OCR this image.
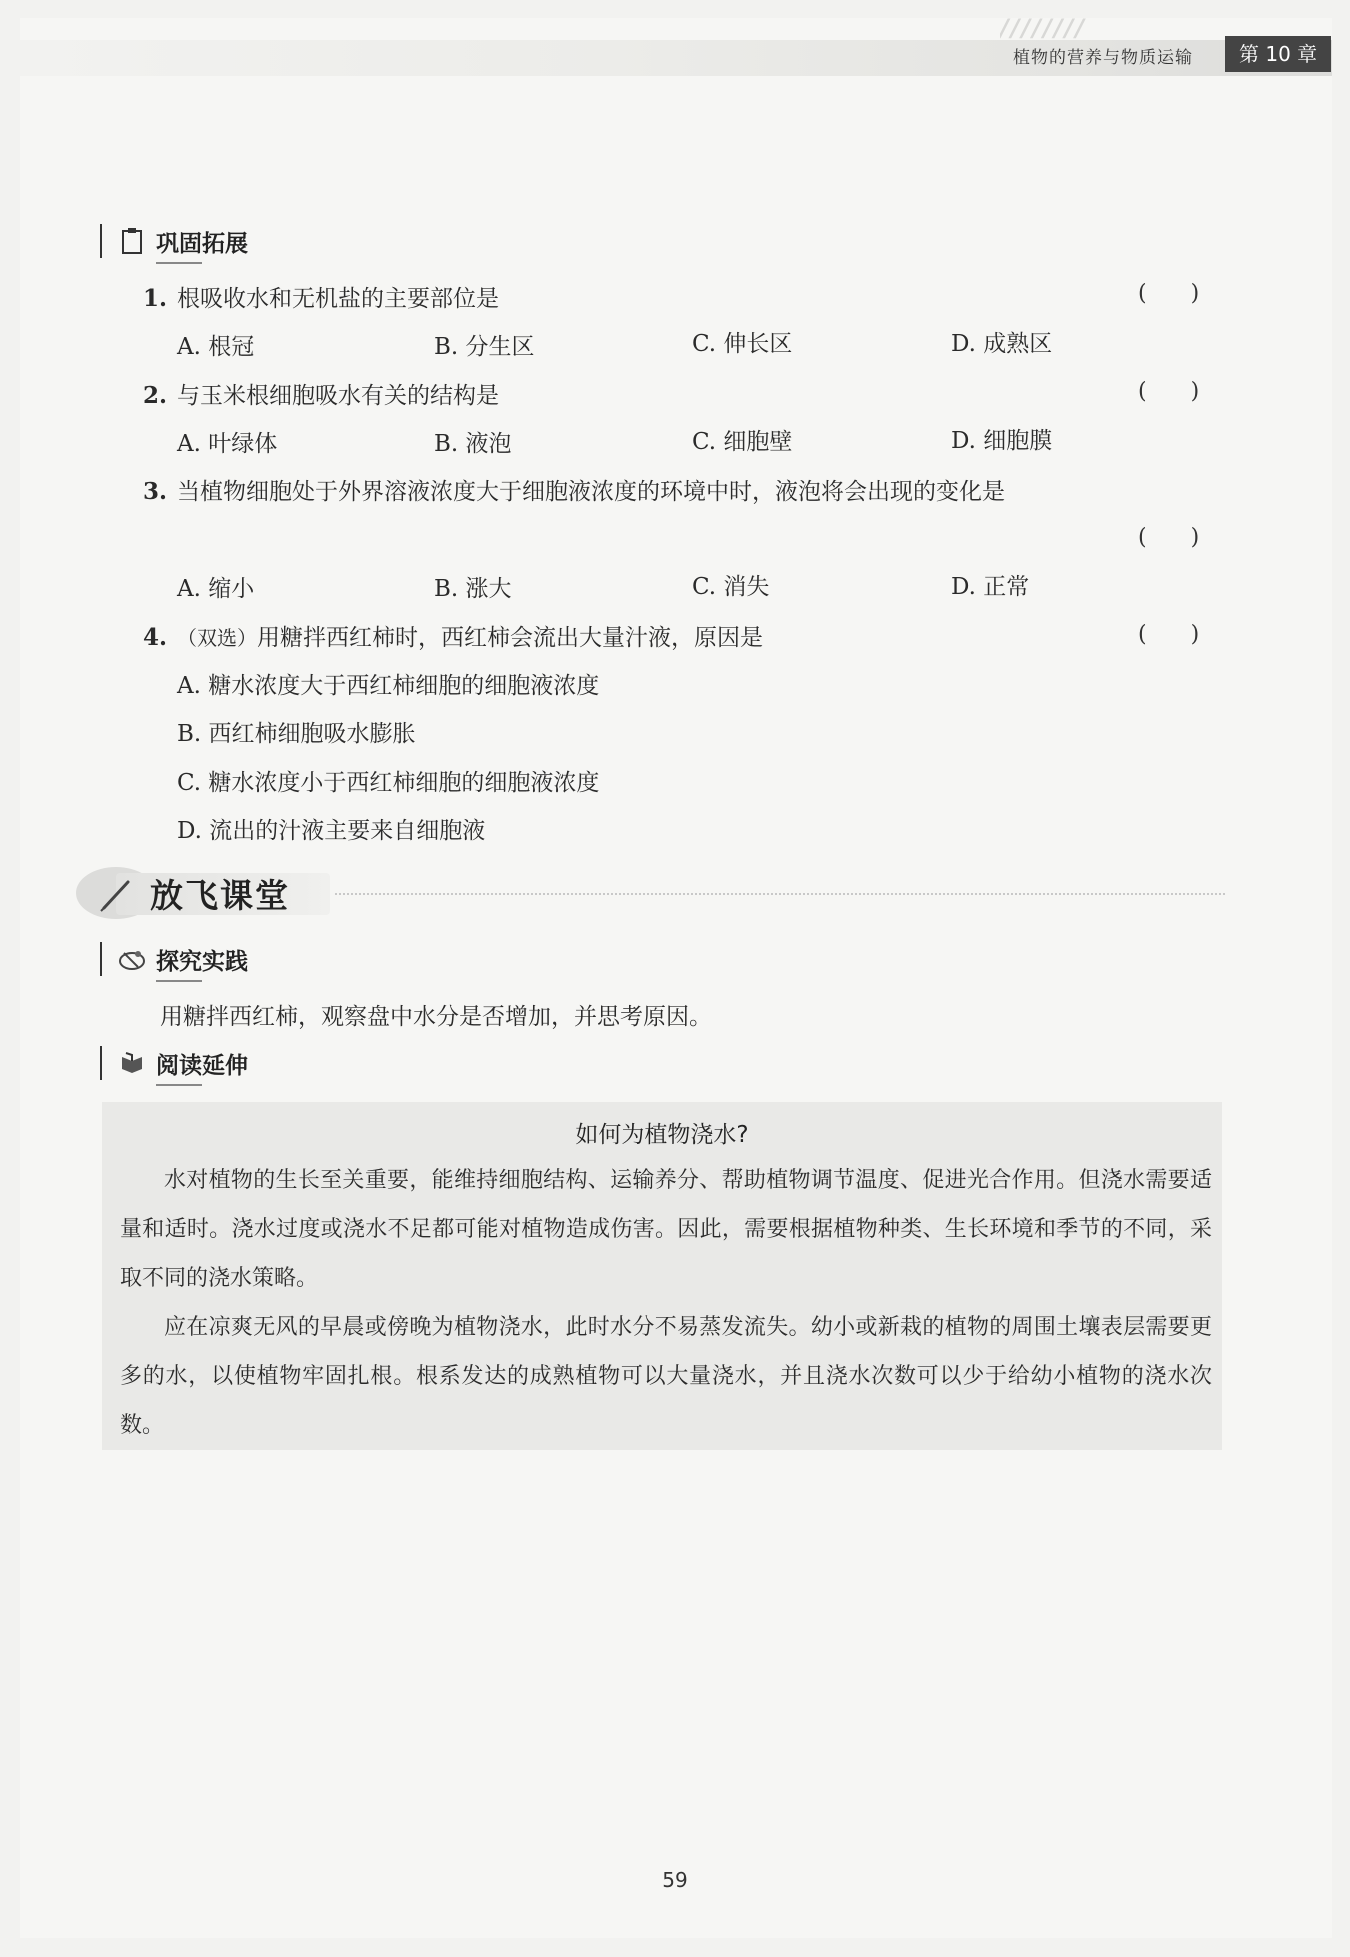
////////
植物的营养与物质运输	第 10 章
巩固拓展
1. 根吸收水和无机盐的主要部位是	(　　)
A. 根冠	B. 分生区	C. 伸长区	D. 成熟区
2. 与玉米根细胞吸水有关的结构是	(　　)
A. 叶绿体	B. 液泡	C. 细胞壁	D. 细胞膜
3. 当植物细胞处于外界溶液浓度大于细胞液浓度的环境中时，液泡将会出现的变化是
(　　)
A. 缩小	B. 涨大	C. 消失	D. 正常
4. （双选）用糖拌西红柿时，西红柿会流出大量汁液，原因是	(　　)
A. 糖水浓度大于西红柿细胞的细胞液浓度
B. 西红柿细胞吸水膨胀
C. 糖水浓度小于西红柿细胞的细胞液浓度
D. 流出的汁液主要来自细胞液
放飞课堂
探究实践
用糖拌西红柿，观察盘中水分是否增加，并思考原因。
阅读延伸
如何为植物浇水?

水对植物的生长至关重要，能维持细胞结构、运输养分、帮助植物调节温度、促进光合作用。但浇水需要适量和适时。浇水过度或浇水不足都可能对植物造成伤害。因此，需要根据植物种类、生长环境和季节的不同，采取不同的浇水策略。

应在凉爽无风的早晨或傍晚为植物浇水，此时水分不易蒸发流失。幼小或新栽的植物的周围土壤表层需要更多的水，以使植物牢固扎根。根系发达的成熟植物可以大量浇水，并且浇水次数可以少于给幼小植物的浇水次数。

59
